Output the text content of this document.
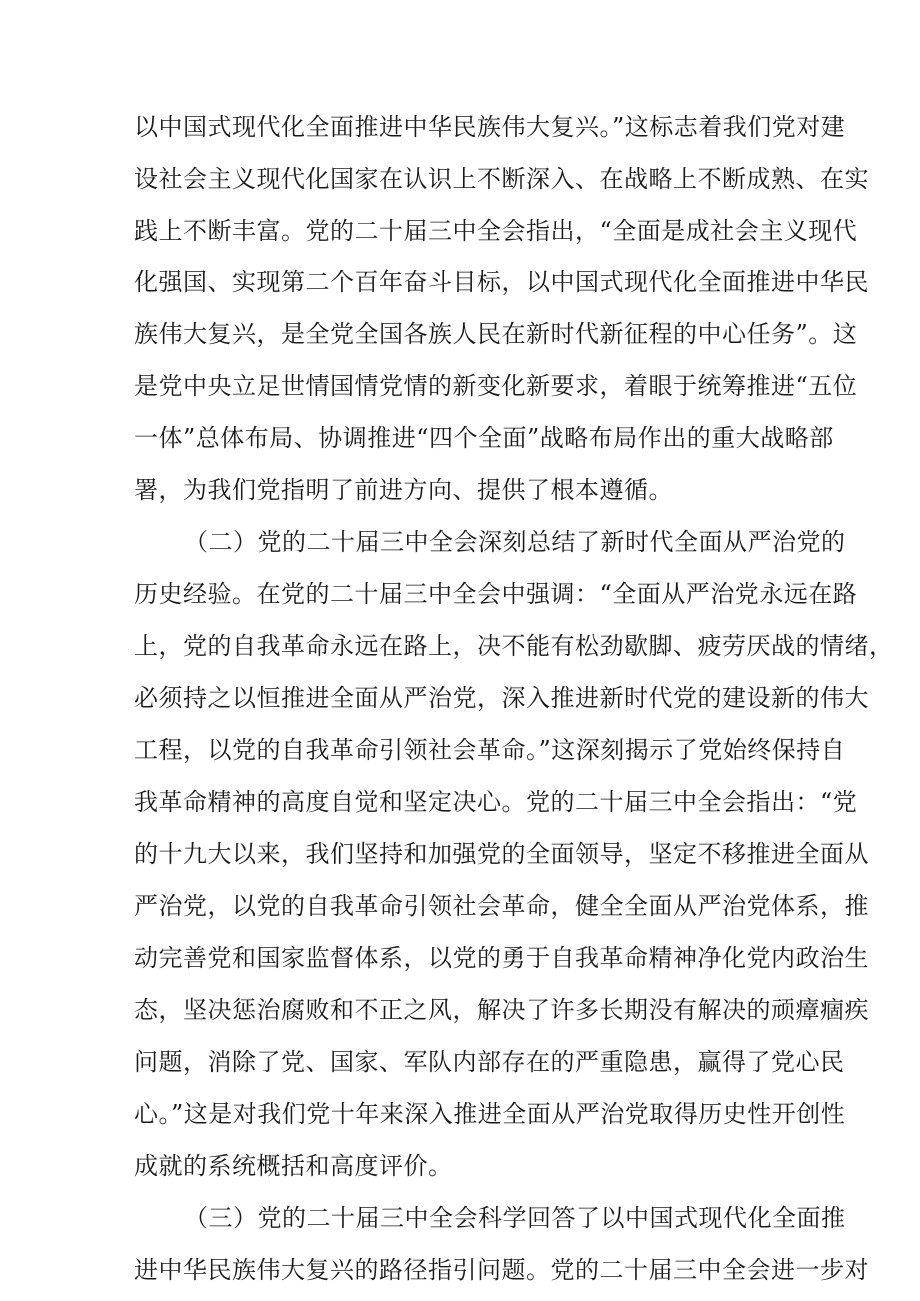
以中国式现代化全面推进中华民族伟大复兴。”这标志着我们党对建
设社会主义现代化国家在认识上不断深入、在战略上不断成熟、在实
践上不断丰富。党的二十届三中全会指出，“全面是成社会主义现代
化强国、实现第二个百年奋斗目标，以中国式现代化全面推进中华民
族伟大复兴，是全党全国各族人民在新时代新征程的中心任务”。这
是党中央立足世情国情党情的新变化新要求，着眼于统筹推进“五位
一体”总体布局、协调推进“四个全面”战略布局作出的重大战略部
署，为我们党指明了前进方向、提供了根本遵循。
（二）党的二十届三中全会深刻总结了新时代全面从严治党的
历史经验。在党的二十届三中全会中强调：“全面从严治党永远在路
上，党的自我革命永远在路上，决不能有松劲歇脚、疲劳厌战的情绪，
必须持之以恒推进全面从严治党，深入推进新时代党的建设新的伟大
工程，以党的自我革命引领社会革命。”这深刻揭示了党始终保持自
我革命精神的高度自觉和坚定决心。党的二十届三中全会指出：“党
的十九大以来，我们坚持和加强党的全面领导，坚定不移推进全面从
严治党，以党的自我革命引领社会革命，健全全面从严治党体系，推
动完善党和国家监督体系，以党的勇于自我革命精神净化党内政治生
态，坚决惩治腐败和不正之风，解决了许多长期没有解决的顽瘴痼疾
问题，消除了党、国家、军队内部存在的严重隐患，赢得了党心民
心。”这是对我们党十年来深入推进全面从严治党取得历史性开创性
成就的系统概括和高度评价。
（三）党的二十届三中全会科学回答了以中国式现代化全面推
进中华民族伟大复兴的路径指引问题。党的二十届三中全会进一步对
